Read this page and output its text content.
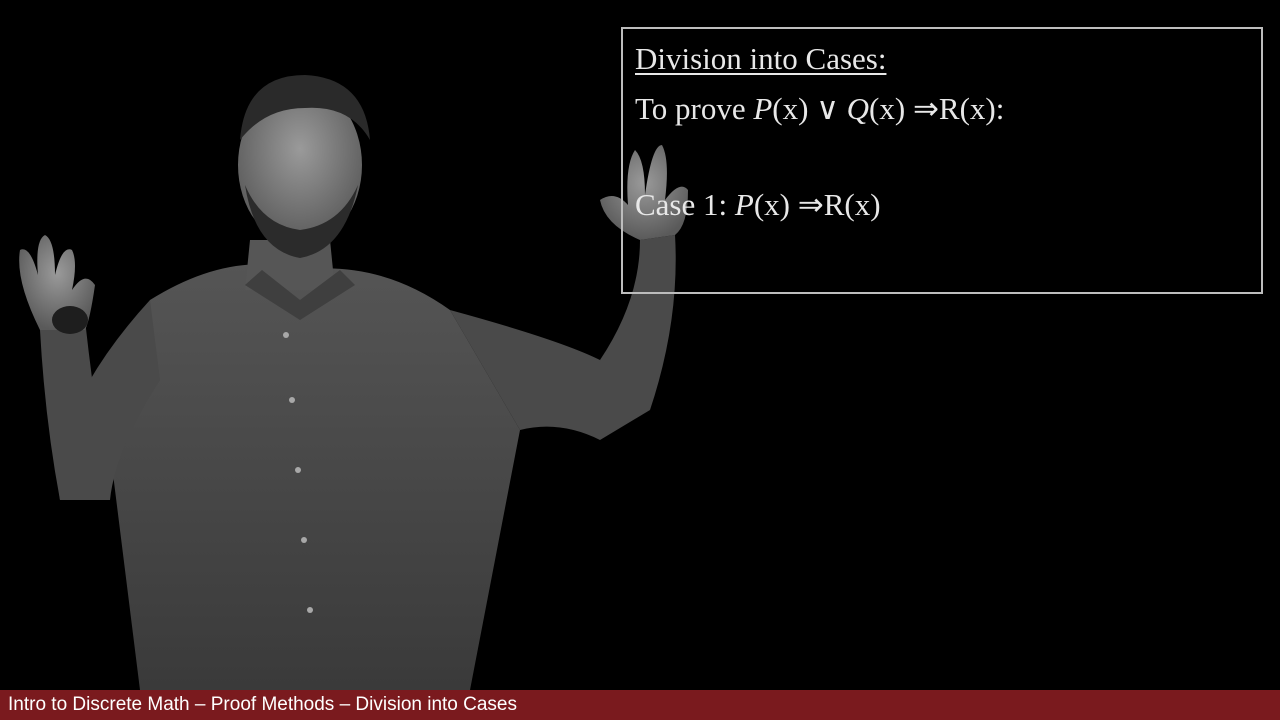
Division into Cases:
To prove P(x) ∨ Q(x) ⇒R(x):
Case 1: P(x) ⇒R(x)
Intro to Discrete Math – Proof Methods – Division into Cases
